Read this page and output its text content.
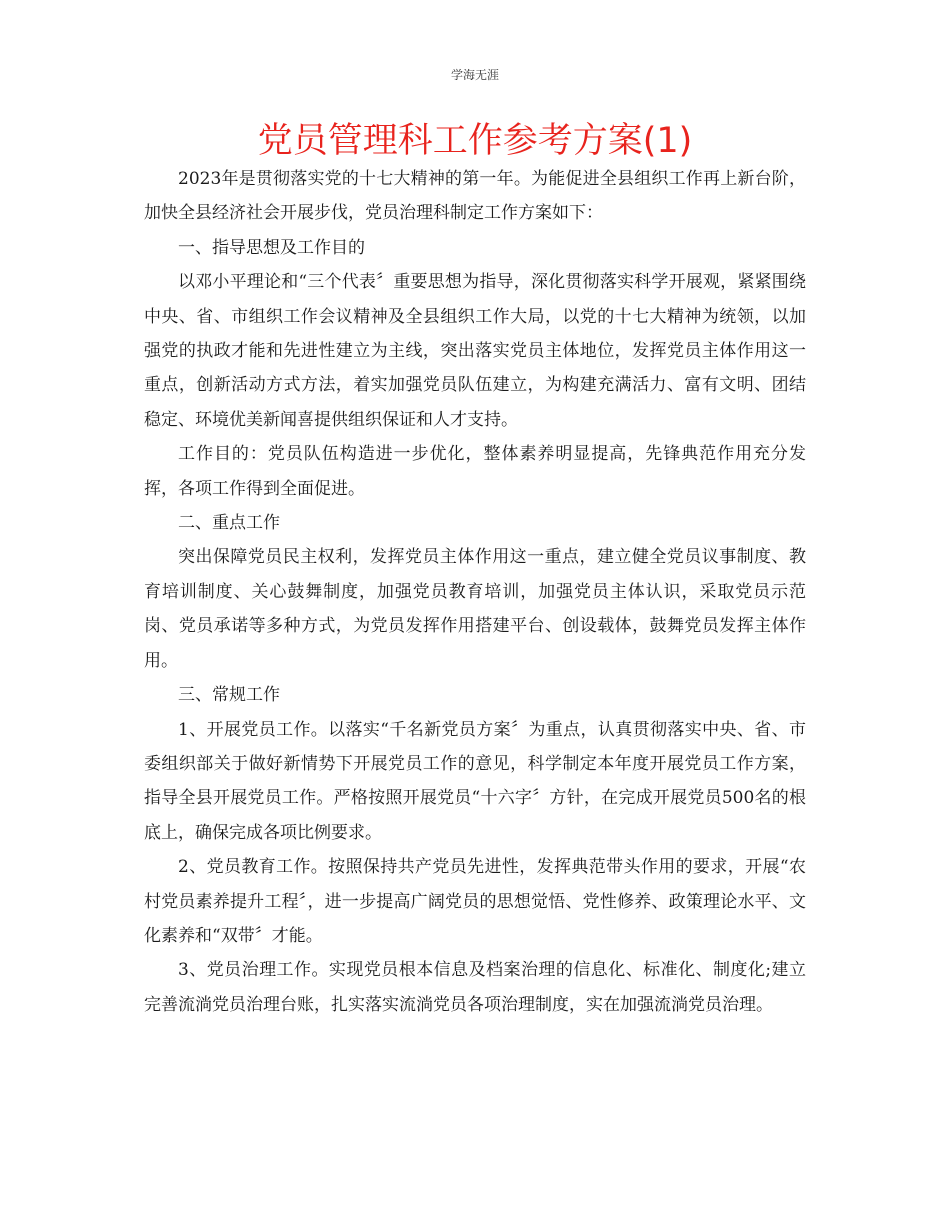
学海无涯
党员管理科工作参考方案(1)

2023年是贯彻落实党的十七大精神的第一年。为能促进全县组织工作再上新台阶，加快全县经济社会开展步伐，党员治理科制定工作方案如下：

一、指导思想及工作目的

以邓小平理论和“三个代表〞重要思想为指导，深化贯彻落实科学开展观，紧紧围绕中央、省、市组织工作会议精神及全县组织工作大局，以党的十七大精神为统领，以加强党的执政才能和先进性建立为主线，突出落实党员主体地位，发挥党员主体作用这一重点，创新活动方式方法，着实加强党员队伍建立，为构建充满活力、富有文明、团结稳定、环境优美新闻喜提供组织保证和人才支持。

工作目的：党员队伍构造进一步优化，整体素养明显提高，先锋典范作用充分发挥，各项工作得到全面促进。

二、重点工作

突出保障党员民主权利，发挥党员主体作用这一重点，建立健全党员议事制度、教育培训制度、关心鼓舞制度，加强党员教育培训，加强党员主体认识，采取党员示范岗、党员承诺等多种方式，为党员发挥作用搭建平台、创设载体，鼓舞党员发挥主体作用。

三、常规工作

1、开展党员工作。以落实“千名新党员方案〞为重点，认真贯彻落实中央、省、市委组织部关于做好新情势下开展党员工作的意见，科学制定本年度开展党员工作方案，指导全县开展党员工作。严格按照开展党员“十六字〞方针，在完成开展党员500名的根底上，确保完成各项比例要求。

2、党员教育工作。按照保持共产党员先进性，发挥典范带头作用的要求，开展“农村党员素养提升工程〞，进一步提高广阔党员的思想觉悟、党性修养、政策理论水平、文化素养和“双带〞才能。

3、党员治理工作。实现党员根本信息及档案治理的信息化、标准化、制度化;建立完善流淌党员治理台账，扎实落实流淌党员各项治理制度，实在加强流淌党员治理。
